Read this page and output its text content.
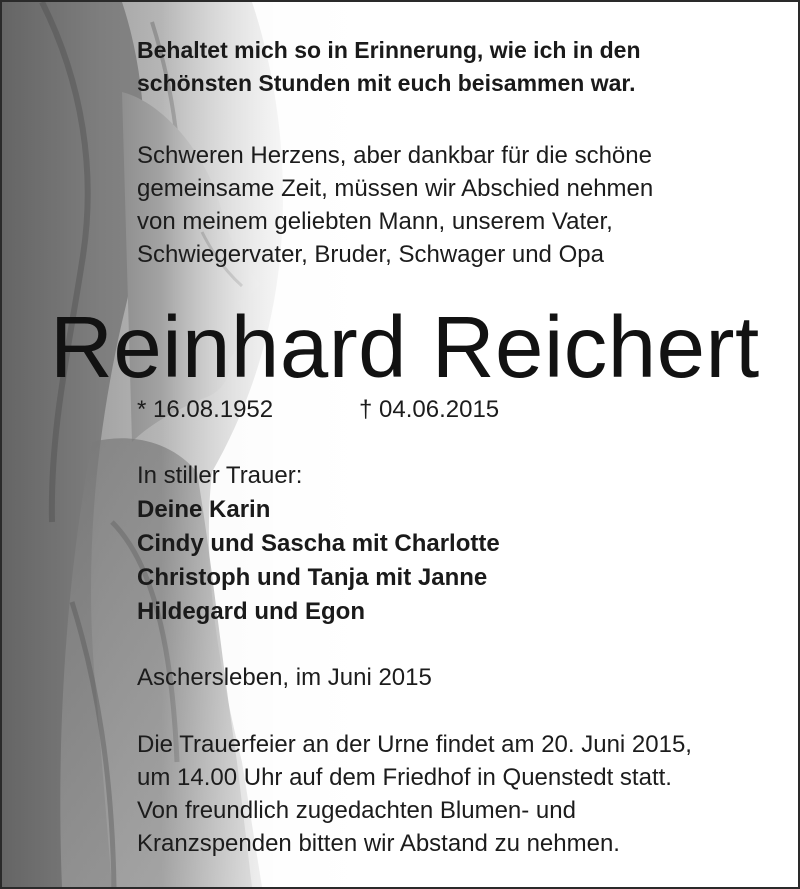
Behaltet mich so in Erinnerung, wie ich in den
schönsten Stunden mit euch beisammen war.
Schweren Herzens, aber dankbar für die schöne
gemeinsame Zeit, müssen wir Abschied nehmen
von meinem geliebten Mann, unserem Vater,
Schwiegervater, Bruder, Schwager und Opa
Reinhard Reichert
* 16.08.1952	† 04.06.2015
In stiller Trauer:
Deine Karin
Cindy und Sascha mit Charlotte
Christoph und Tanja mit Janne
Hildegard und Egon
Aschersleben, im Juni 2015
Die Trauerfeier an der Urne findet am 20. Juni 2015,
um 14.00 Uhr auf dem Friedhof in Quenstedt statt.
Von freundlich zugedachten Blumen- und
Kranzspenden bitten wir Abstand zu nehmen.
